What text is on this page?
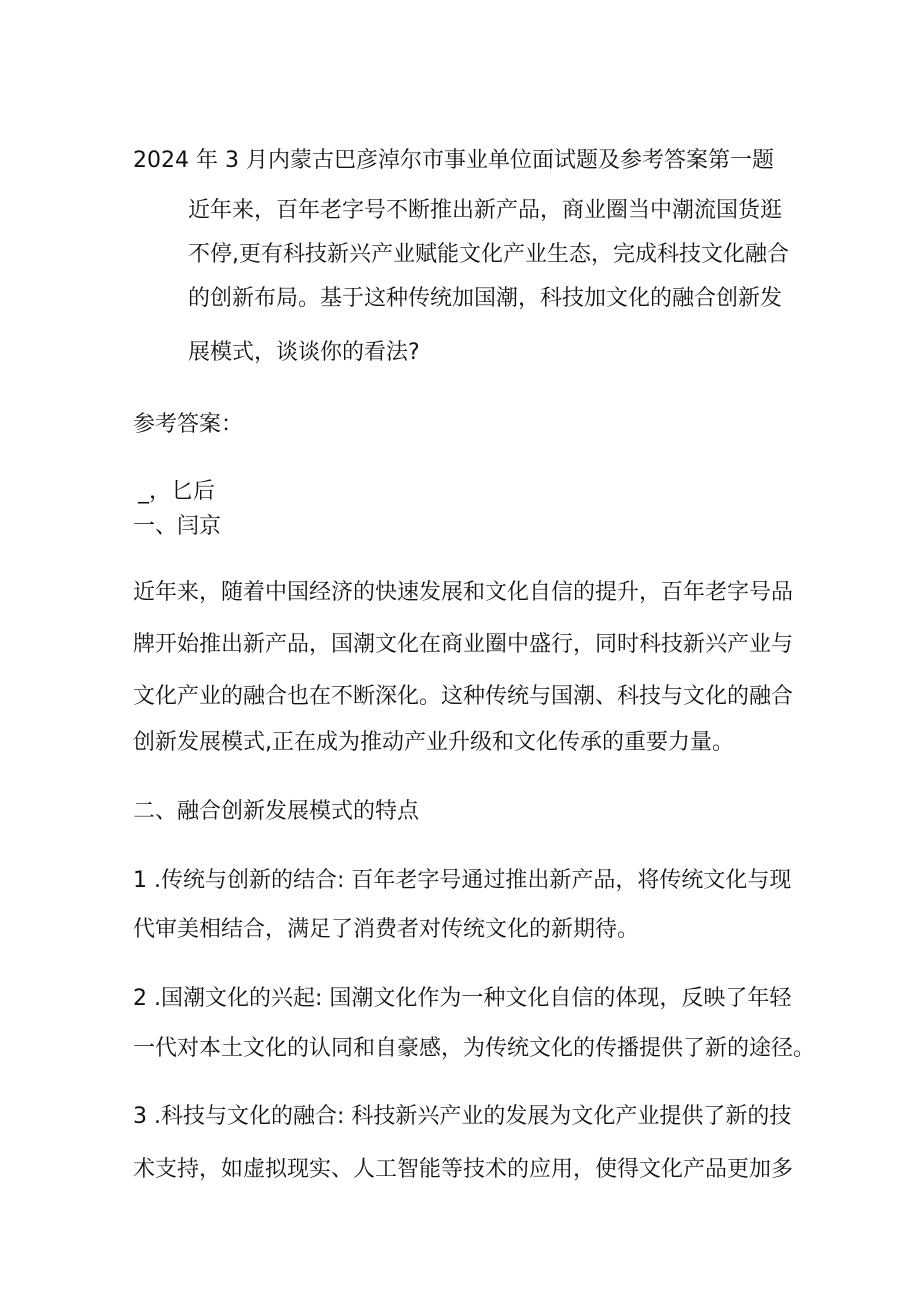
2024 年 3 月内蒙古巴彦淖尔市事业单位面试题及参考答案第一题
近年来，百年老字号不断推出新产品，商业圈当中潮流国货逛
不停,更有科技新兴产业赋能文化产业生态，完成科技文化融合
的创新布局。基于这种传统加国潮，科技加文化的融合创新发
展模式，谈谈你的看法?
参考答案：
_，匕后
一、闫京
近年来，随着中国经济的快速发展和文化自信的提升，百年老字号品
牌开始推出新产品，国潮文化在商业圈中盛行，同时科技新兴产业与
文化产业的融合也在不断深化。这种传统与国潮、科技与文化的融合
创新发展模式,正在成为推动产业升级和文化传承的重要力量。
二、融合创新发展模式的特点
1 .传统与创新的结合: 百年老字号通过推出新产品，将传统文化与现
代审美相结合，满足了消费者对传统文化的新期待。
2 .国潮文化的兴起: 国潮文化作为一种文化自信的体现，反映了年轻
一代对本土文化的认同和自豪感，为传统文化的传播提供了新的途径。
3 .科技与文化的融合: 科技新兴产业的发展为文化产业提供了新的技
术支持，如虚拟现实、人工智能等技术的应用，使得文化产品更加多
